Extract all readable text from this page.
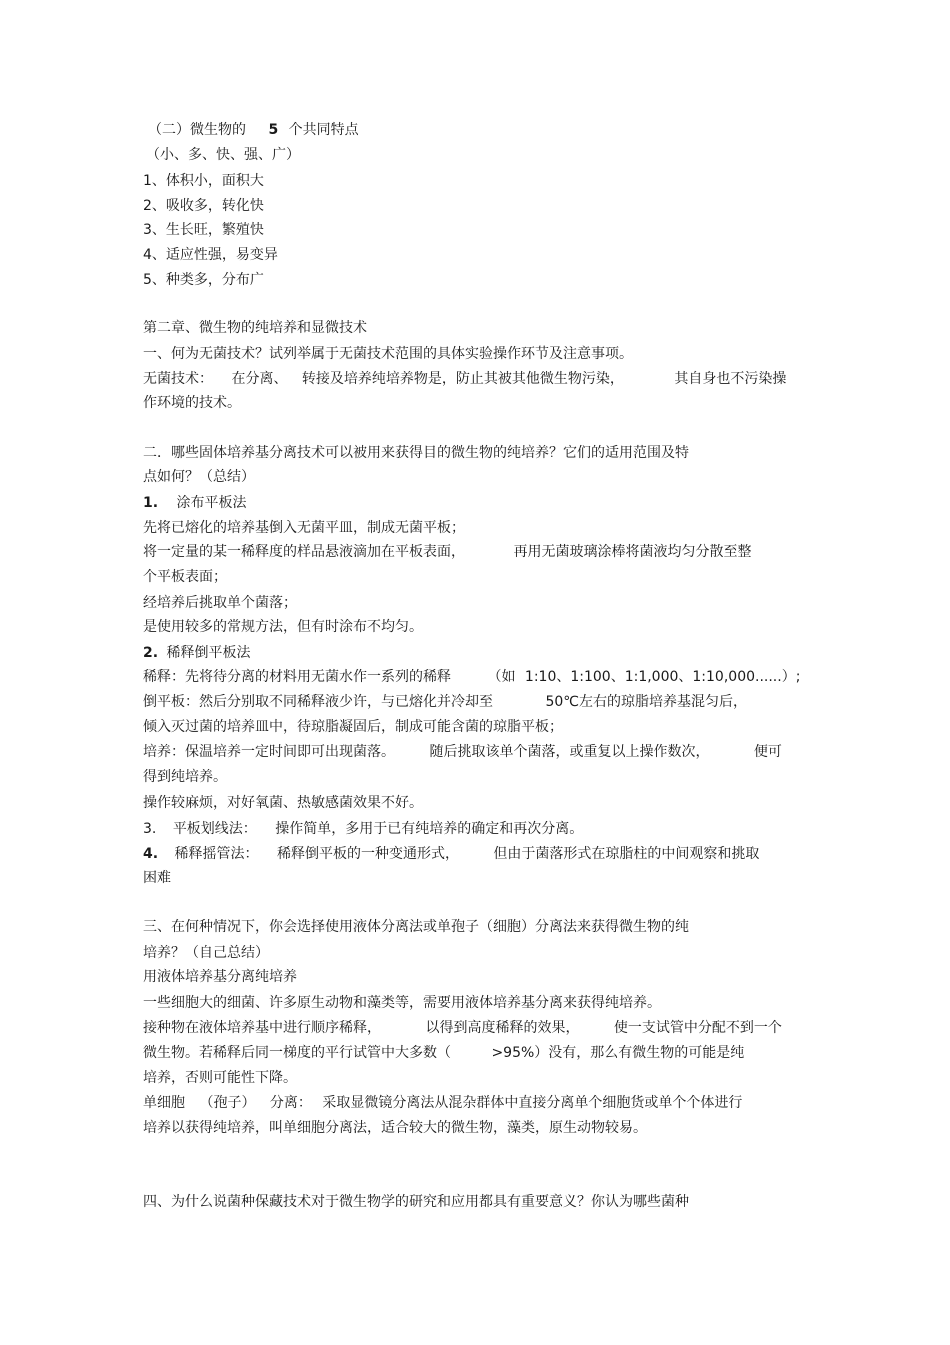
（二）微生物的 5 个共同特点
（小、多、快、强、广）
1、体积小，面积大
2、吸收多，转化快
3、生长旺，繁殖快
4、适应性强，易变异
5、种类多，分布广
第二章、微生物的纯培养和显微技术
一、何为无菌技术？试列举属于无菌技术范围的具体实验操作环节及注意事项。
无菌技术： 在分离、 转接及培养纯培养物是，防止其被其他微生物污染，	其自身也不污染操
作环境的技术。
二．哪些固体培养基分离技术可以被用来获得目的微生物的纯培养？它们的适用范围及特
点如何？（总结）
1. 涂布平板法
先将已熔化的培养基倒入无菌平皿，制成无菌平板；
将一定量的某一稀释度的样品悬液滴加在平板表面，	再用无菌玻璃涂棒将菌液均匀分散至整
个平板表面；
经培养后挑取单个菌落；
是使用较多的常规方法，但有时涂布不均匀。
2. 稀释倒平板法
稀释：先将待分离的材料用无菌水作一系列的稀释	（如 1:10、1:100、1:1,000、1:10,000......）;
倒平板：然后分别取不同稀释液少许，与已熔化并冷却至	50℃左右的琼脂培养基混匀后，
倾入灭过菌的培养皿中，待琼脂凝固后，制成可能含菌的琼脂平板；
培养：保温培养一定时间即可出现菌落。 随后挑取该单个菌落，或重复以上操作数次，	便可
得到纯培养。
操作较麻烦，对好氧菌、热敏感菌效果不好。
3. 平板划线法： 操作简单，多用于已有纯培养的确定和再次分离。
4. 稀释摇管法： 稀释倒平板的一种变通形式， 但由于菌落形式在琼脂柱的中间观察和挑取
困难
三、在何种情况下，你会选择使用液体分离法或单孢子（细胞）分离法来获得微生物的纯
培养？（自己总结）
用液体培养基分离纯培养
一些细胞大的细菌、许多原生动物和藻类等，需要用液体培养基分离来获得纯培养。
接种物在液体培养基中进行顺序稀释，	以得到高度稀释的效果， 使一支试管中分配不到一个
微生物。若稀释后同一梯度的平行试管中大多数（	>95%）没有，那么有微生物的可能是纯
培养，否则可能性下降。
单细胞 （孢子） 分离： 采取显微镜分离法从混杂群体中直接分离单个细胞货或单个个体进行
培养以获得纯培养，叫单细胞分离法，适合较大的微生物，藻类，原生动物较易。
四、为什么说菌种保藏技术对于微生物学的研究和应用都具有重要意义？你认为哪些菌种
